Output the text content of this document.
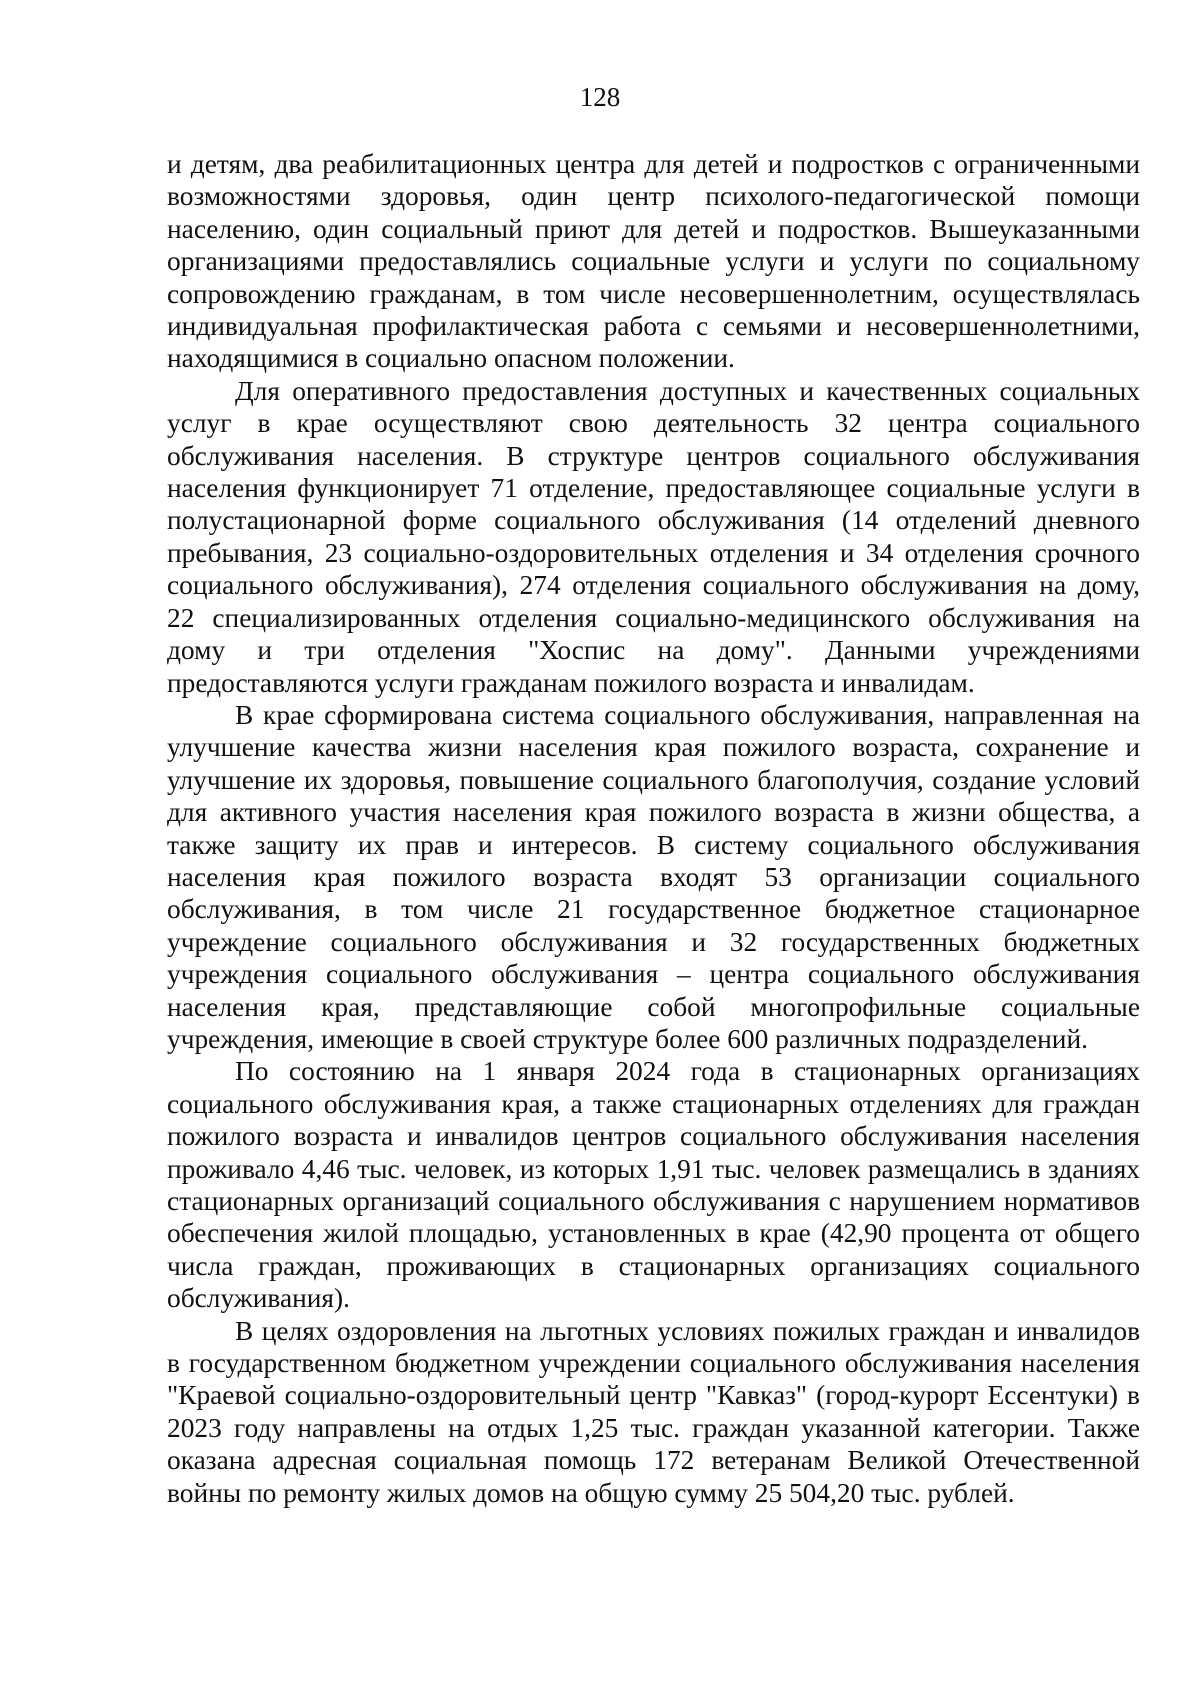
128

и детям, два реабилитационных центра для детей и подростков с ограниченными возможностями здоровья, один центр психолого-педагогической помощи населению, один социальный приют для детей и подростков. Вышеуказанными организациями предоставлялись социальные услуги и услуги по социальному сопровождению гражданам, в том числе несовершеннолетним, осуществлялась индивидуальная профилактическая работа с семьями и несовершеннолетними, находящимися в социально опасном положении.

Для оперативного предоставления доступных и качественных социальных услуг в крае осуществляют свою деятельность 32 центра социального обслуживания населения. В структуре центров социального обслуживания населения функционирует 71 отделение, предоставляющее социальные услуги в полустационарной форме социального обслуживания (14 отделений дневного пребывания, 23 социально-оздоровительных отделения и 34 отделения срочного социального обслуживания), 274 отделения социального обслуживания на дому, 22 специализированных отделения социально-медицинского обслуживания на дому и три отделения "Хоспис на дому". Данными учреждениями предоставляются услуги гражданам пожилого возраста и инвалидам.

В крае сформирована система социального обслуживания, направленная на улучшение качества жизни населения края пожилого возраста, сохранение и улучшение их здоровья, повышение социального благополучия, создание условий для активного участия населения края пожилого возраста в жизни общества, а также защиту их прав и интересов. В систему социального обслуживания населения края пожилого возраста входят 53 организации социального обслуживания, в том числе 21 государственное бюджетное стационарное учреждение социального обслуживания и 32 государственных бюджетных учреждения социального обслуживания – центра социального обслуживания населения края, представляющие собой многопрофильные социальные учреждения, имеющие в своей структуре более 600 различных подразделений.

По состоянию на 1 января 2024 года в стационарных организациях социального обслуживания края, а также стационарных отделениях для граждан пожилого возраста и инвалидов центров социального обслуживания населения проживало 4,46 тыс. человек, из которых 1,91 тыс. человек размещались в зданиях стационарных организаций социального обслуживания с нарушением нормативов обеспечения жилой площадью, установленных в крае (42,90 процента от общего числа граждан, проживающих в стационарных организациях социального обслуживания).

В целях оздоровления на льготных условиях пожилых граждан и инвалидов в государственном бюджетном учреждении социального обслуживания населения "Краевой социально-оздоровительный центр "Кавказ" (город-курорт Ессентуки) в 2023 году направлены на отдых 1,25 тыс. граждан указанной категории. Также оказана адресная социальная помощь 172 ветеранам Великой Отечественной войны по ремонту жилых домов на общую сумму 25 504,20 тыс. рублей.
